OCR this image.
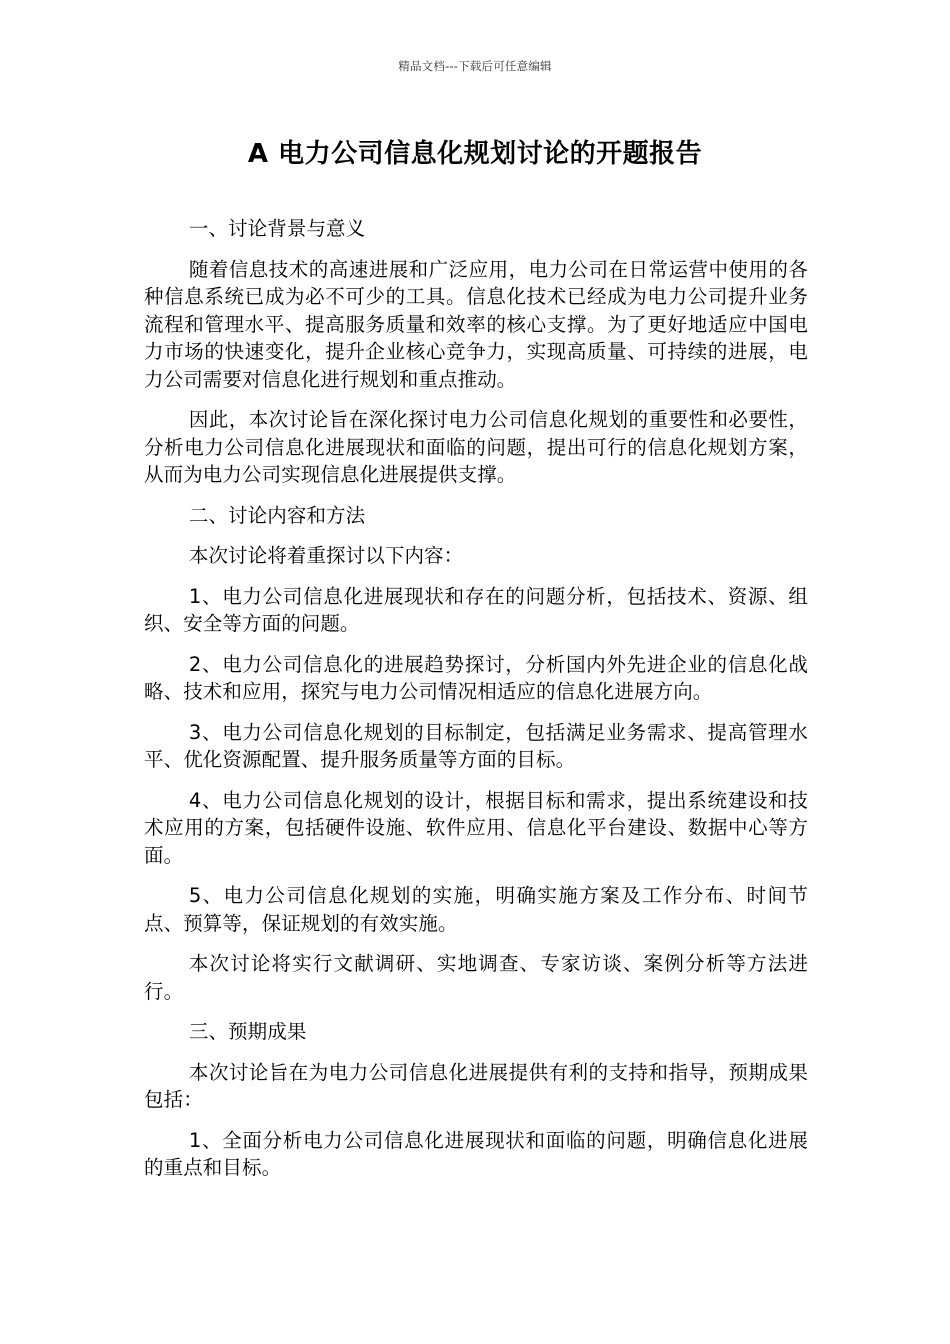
精品文档---下载后可任意编辑
A 电力公司信息化规划讨论的开题报告

一、讨论背景与意义

随着信息技术的高速进展和广泛应用，电力公司在日常运营中使用的各种信息系统已成为必不可少的工具。信息化技术已经成为电力公司提升业务流程和管理水平、提高服务质量和效率的核心支撑。为了更好地适应中国电力市场的快速变化，提升企业核心竞争力，实现高质量、可持续的进展，电力公司需要对信息化进行规划和重点推动。

因此，本次讨论旨在深化探讨电力公司信息化规划的重要性和必要性，分析电力公司信息化进展现状和面临的问题，提出可行的信息化规划方案，从而为电力公司实现信息化进展提供支撑。

二、讨论内容和方法

本次讨论将着重探讨以下内容：

1、电力公司信息化进展现状和存在的问题分析，包括技术、资源、组织、安全等方面的问题。

2、电力公司信息化的进展趋势探讨，分析国内外先进企业的信息化战略、技术和应用，探究与电力公司情况相适应的信息化进展方向。

3、电力公司信息化规划的目标制定，包括满足业务需求、提高管理水平、优化资源配置、提升服务质量等方面的目标。

4、电力公司信息化规划的设计，根据目标和需求，提出系统建设和技术应用的方案，包括硬件设施、软件应用、信息化平台建设、数据中心等方面。

5、电力公司信息化规划的实施，明确实施方案及工作分布、时间节点、预算等，保证规划的有效实施。

本次讨论将实行文献调研、实地调查、专家访谈、案例分析等方法进行。

三、预期成果

本次讨论旨在为电力公司信息化进展提供有利的支持和指导，预期成果包括：

1、全面分析电力公司信息化进展现状和面临的问题，明确信息化进展的重点和目标。
